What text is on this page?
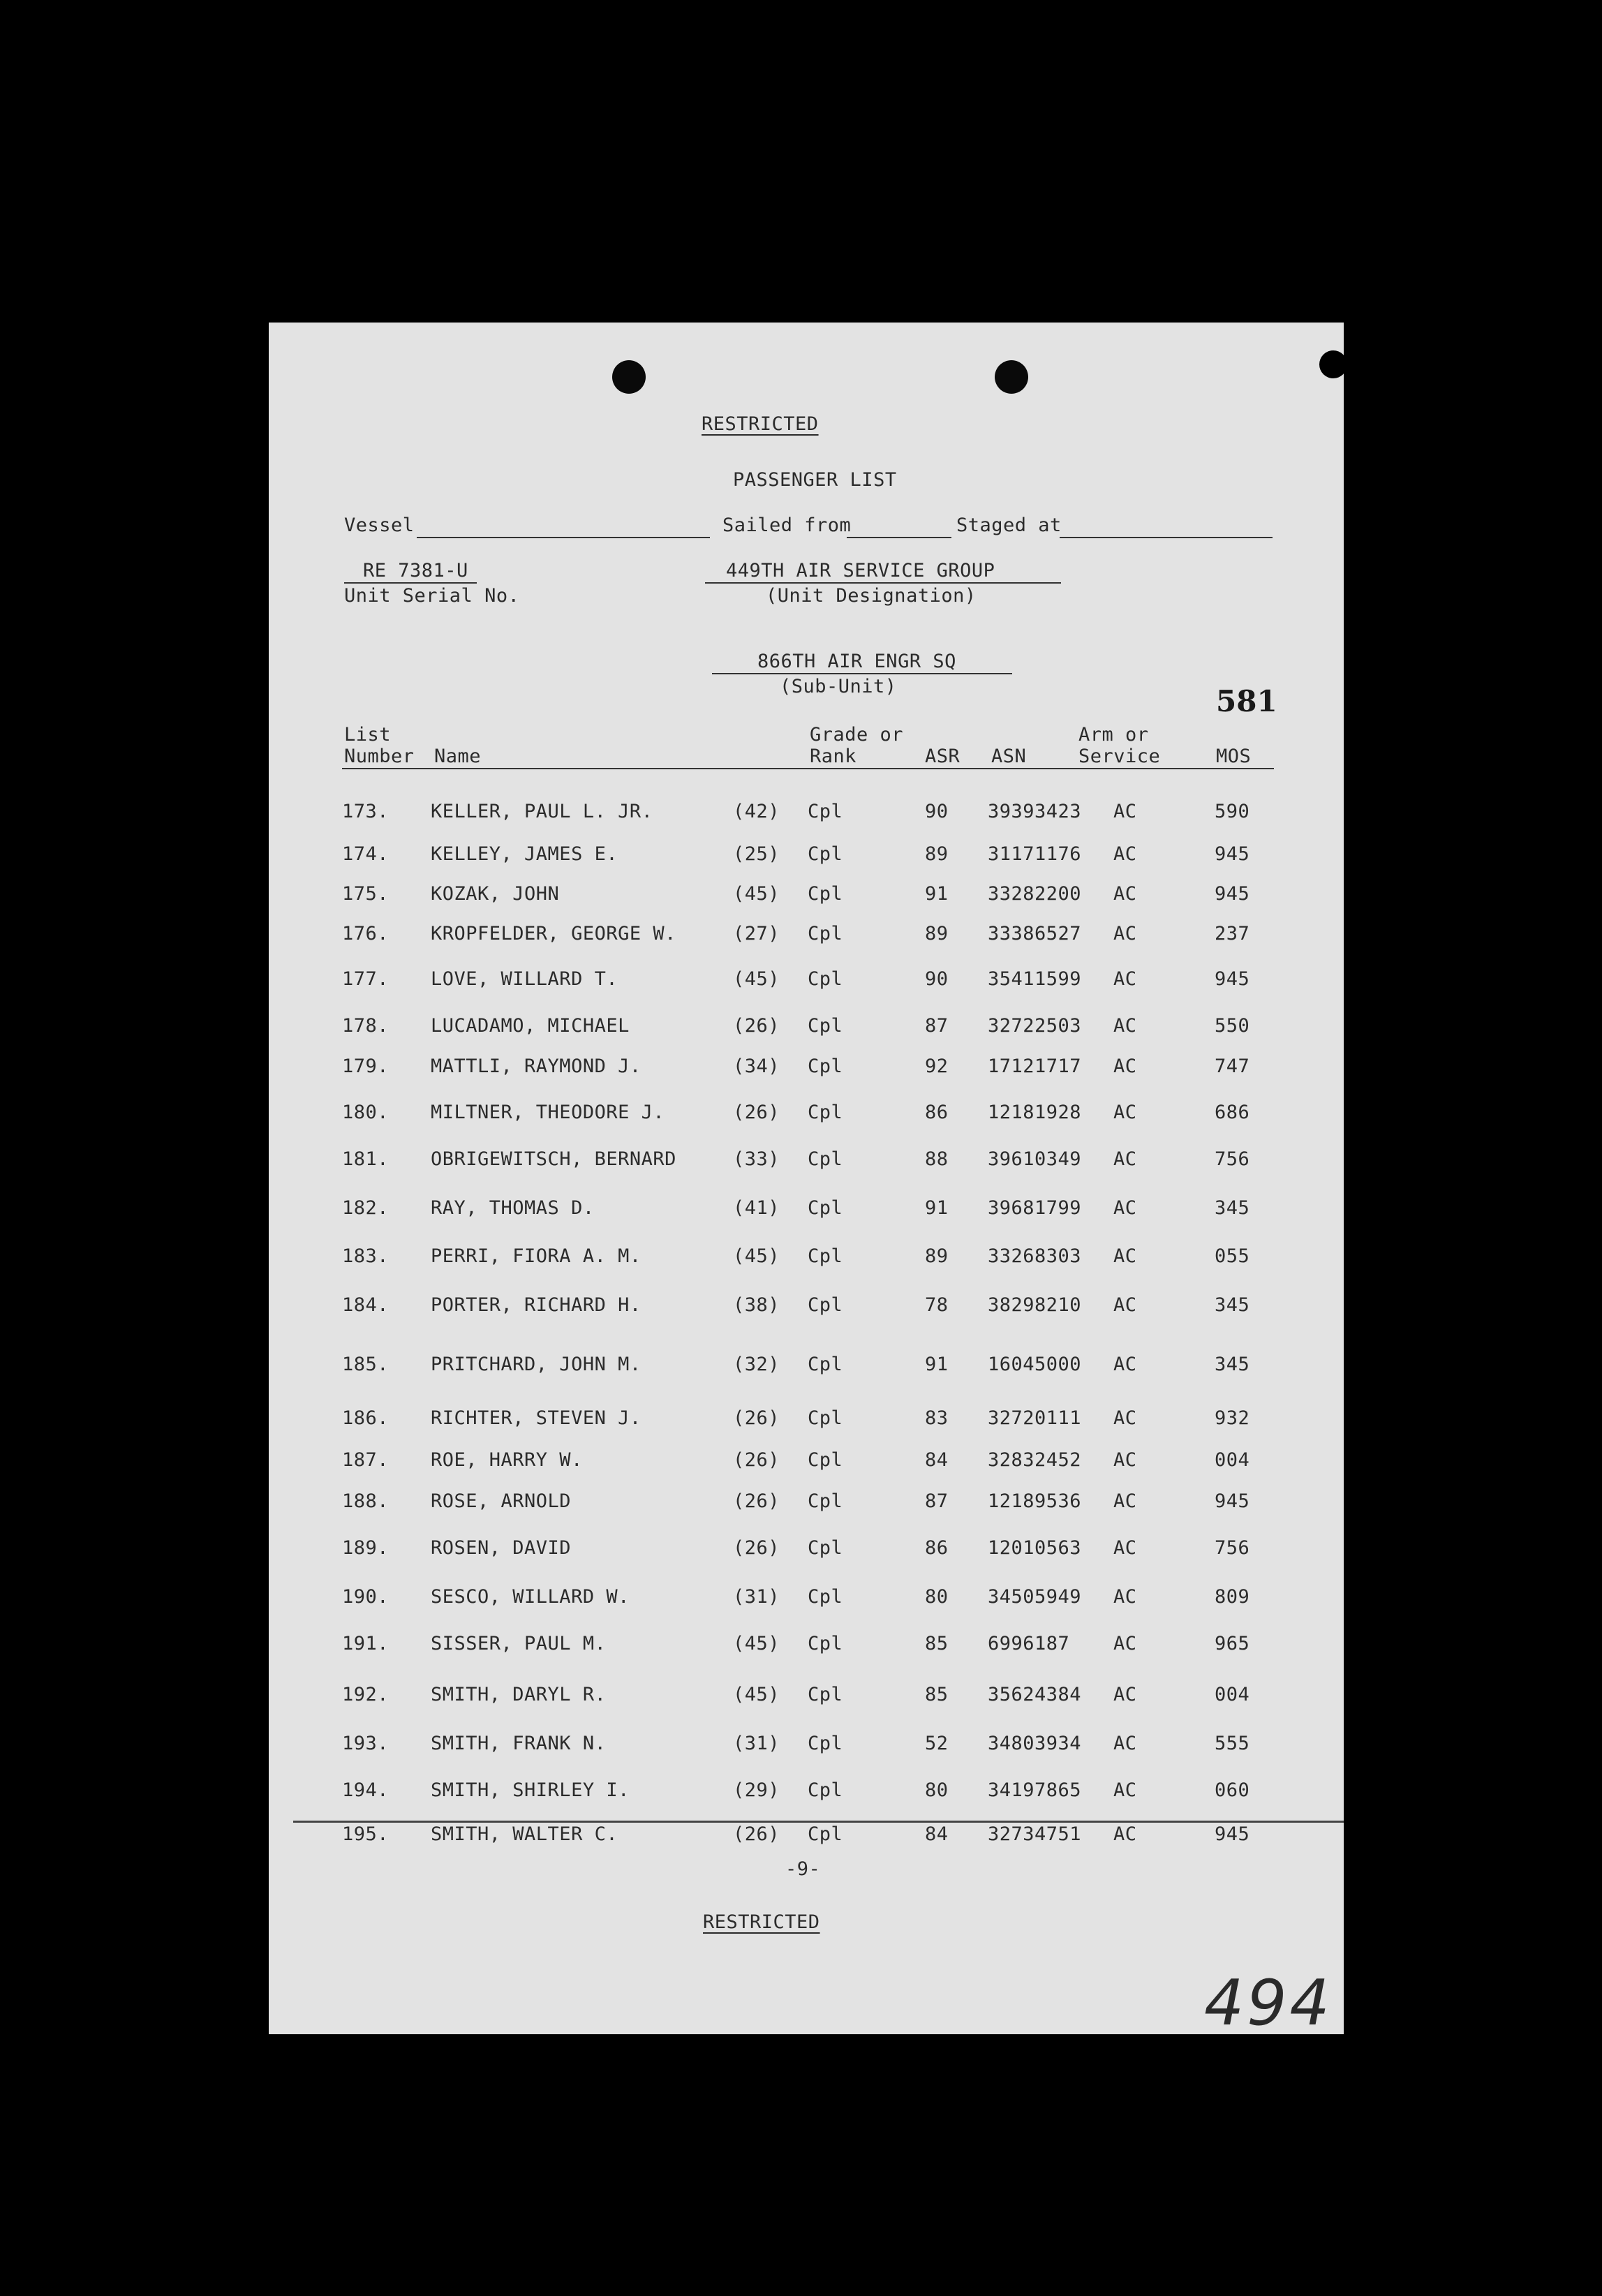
RESTRICTED
PASSENGER LIST
Vessel	Sailed from	Staged at
RE 7381-U
Unit Serial No.
449TH AIR SERVICE GROUP
(Unit Designation)
866TH AIR ENGR SQ
(Sub-Unit)	581
List
Number Name
Grade or
Rank	ASR ASN
Arm or
Service	MOS
173. KELLER, PAUL L. JR.	(42) Cpl	90 39393423 AC	590
174. KELLEY, JAMES E.	(25) Cpl	89 31171176 AC	945
175. KOZAK, JOHN	(45) Cpl	91 33282200 AC	945
176. KROPFELDER, GEORGE W.	(27) Cpl	89 33386527 AC	237
177. LOVE, WILLARD T.	(45) Cpl	90 35411599 AC	945
178. LUCADAMO, MICHAEL	(26) Cpl	87 32722503 AC	550
179. MATTLI, RAYMOND J.	(34) Cpl	92 17121717 AC	747
180. MILTNER, THEODORE J.	(26) Cpl	86 12181928 AC	686
181. OBRIGEWITSCH, BERNARD	(33) Cpl	88 39610349 AC	756
182. RAY, THOMAS D.	(41) Cpl	91 39681799 AC	345
183. PERRI, FIORA A. M.	(45) Cpl	89 33268303 AC	055
184. PORTER, RICHARD H.	(38) Cpl	78 38298210 AC	345
185. PRITCHARD, JOHN M.	(32) Cpl	91 16045000 AC	345
186. RICHTER, STEVEN J.	(26) Cpl	83 32720111 AC	932
187. ROE, HARRY W.	(26) Cpl	84 32832452 AC	004
188. ROSE, ARNOLD	(26) Cpl	87 12189536 AC	945
189. ROSEN, DAVID	(26) Cpl	86 12010563 AC	756
190. SESCO, WILLARD W.	(31) Cpl	80 34505949 AC	809
191. SISSER, PAUL M.	(45) Cpl	85 6996187 AC	965
192. SMITH, DARYL R.	(45) Cpl	85 35624384 AC	004
193. SMITH, FRANK N.	(31) Cpl	52 34803934 AC	555
194. SMITH, SHIRLEY I.	(29) Cpl	80 34197865 AC	060
195. SMITH, WALTER C.	(26) Cpl	84 32734751 AC	945
-9-
RESTRICTED
494
